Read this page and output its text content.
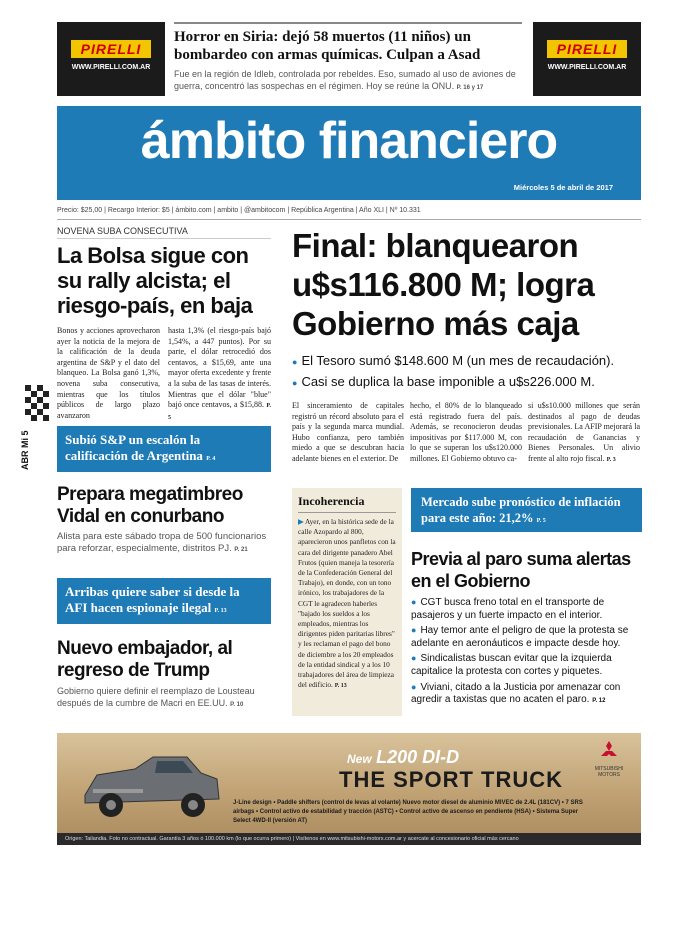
PIRELLI
WWW.PIRELLI.COM.AR
PIRELLI
WWW.PIRELLI.COM.AR
Horror en Siria: dejó 58 muertos (11 niños) un bombardeo con armas químicas. Culpan a Asad
Fue en la región de Idleb, controlada por rebeldes. Eso, sumado al uso de aviones de guerra, concentró las sospechas en el régimen. Hoy se reúne la ONU. P. 16 y 17
ámbito financiero
Miércoles 5 de abril de 2017
Precio: $25,00 | Recargo Interior: $5 | ámbito.com | ambito | @ambitocom | República Argentina | Año XLI | Nº 10.331
ABR Mi 5
NOVENA SUBA CONSECUTIVA
La Bolsa sigue con su rally alcista; el riesgo-país, en baja
Bonos y acciones aprovecharon ayer la noticia de la mejora de la calificación de la deuda argentina de S&P y el dato del blanqueo. La Bolsa ganó 1,3%, novena suba consecutiva, mientras que los títulos públicos de largo plazo avanzaron
hasta 1,3% (el riesgo-país bajó 1,54%, a 447 puntos). Por su parte, el dólar retrocedió dos centavos, a $15,69, ante una mayor oferta excedente y frente a la suba de las tasas de interés. Mientras que el dólar "blue" bajó once centavos, a $15,88. P. 5
Subió S&P un escalón la calificación de Argentina P. 4
Prepara megatimbreo Vidal en conurbano
Alista para este sábado tropa de 500 funcionarios para reforzar, especialmente, distritos PJ. P. 21
Arribas quiere saber si desde la AFI hacen espionaje ilegal P. 13
Nuevo embajador, al regreso de Trump
Gobierno quiere definir el reemplazo de Lousteau después de la cumbre de Macri en EE.UU. P. 10
Final: blanquearon u$s116.800 M; logra Gobierno más caja
● El Tesoro sumó $148.600 M (un mes de recaudación).
● Casi se duplica la base imponible a u$s226.000 M.
El sinceramiento de capitales registró un récord absoluto para el país y la segunda marca mundial. Hubo confianza, pero también miedo a que se descubran hacia adelante bienes en el exterior. De
hecho, el 80% de lo blanqueado está registrado fuera del país. Además, se reconocieron deudas impositivas por $117.000 M, con lo que se superan los u$s120.000 millones. El Gobierno obtuvo ca-
si u$s10.000 millones que serán destinados al pago de deudas previsionales. La AFIP mejorará la recaudación de Ganancias y Bienes Personales. Un alivio frente al alto rojo fiscal. P. 3
Incoherencia
▶ Ayer, en la histórica sede de la calle Azopardo al 800, aparecieron unos panfletos con la cara del dirigente panadero Abel Frutos (quien maneja la tesorería de la Confederación General del Trabajo), en donde, con un tono irónico, los trabajadores de la CGT le agradecen haberles "bajado los sueldos a los empleados, mientras los dirigentes piden paritarias libres" y les reclaman el pago del bono de diciembre a los 20 empleados de la entidad sindical y a los 10 trabajadores del área de limpieza del edificio. P. 13
Mercado sube pronóstico de inflación para este año: 21,2% P. 5
Previa al paro suma alertas en el Gobierno
● CGT busca freno total en el transporte de pasajeros y un fuerte impacto en el interior.
● Hay temor ante el peligro de que la protesta se adelante en aeronáuticos e impacte desde hoy.
● Sindicalistas buscan evitar que la izquierda capitalice la protesta con cortes y piquetes.
● Viviani, citado a la Justicia por amenazar con agredir a taxistas que no acaten el paro. P. 12
New L200 DI-D
THE SPORT TRUCK	MITSUBISHI MOTORS
J-Line design • Paddle shifters (control de levas al volante) Nuevo motor diesel de aluminio MIVEC de 2.4L (181CV) • 7 SRS airbags • Control activo de estabilidad y tracción (ASTC) • Control activo de ascenso en pendiente (HSA) • Sistema Super Select 4WD-II (versión AT)
Origen: Tailandia. Foto no contractual. Garantía 3 años ó 100.000 km (lo que ocurra primero) | Visítenos en www.mitsubishi-motors.com.ar y acercate al concesionario oficial más cercano
